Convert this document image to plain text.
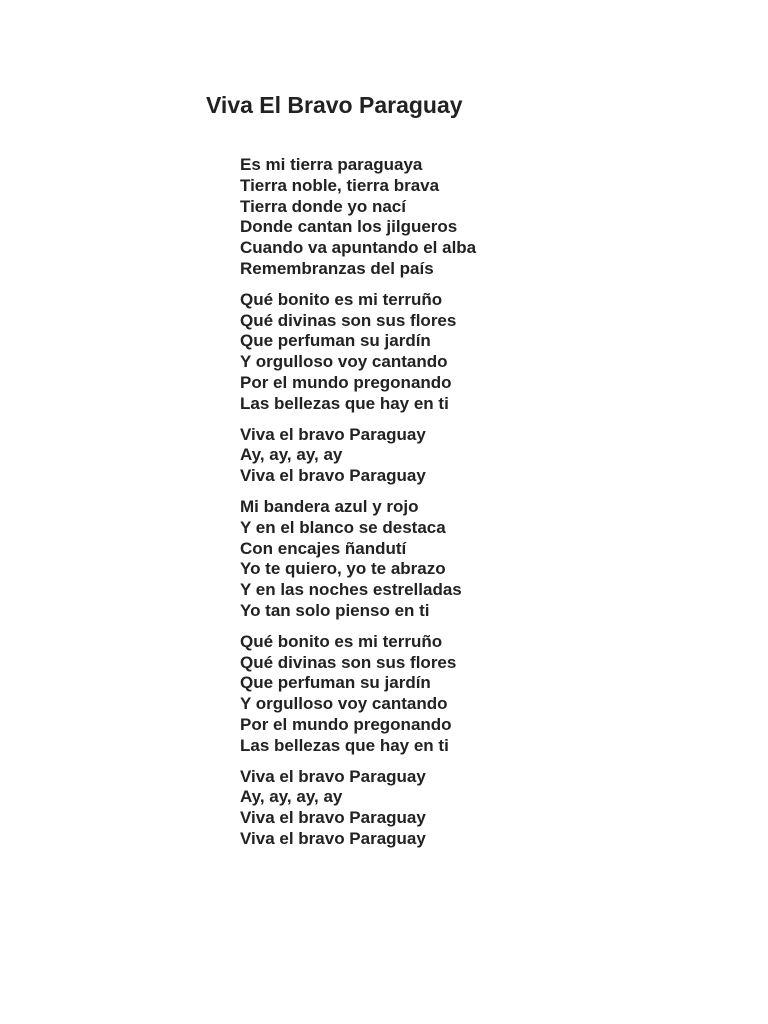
Viva El Bravo Paraguay
Es mi tierra paraguaya
Tierra noble, tierra brava
Tierra donde yo nací
Donde cantan los jilgueros
Cuando va apuntando el alba
Remembranzas del país
Qué bonito es mi terruño
Qué divinas son sus flores
Que perfuman su jardín
Y orgulloso voy cantando
Por el mundo pregonando
Las bellezas que hay en ti
Viva el bravo Paraguay
Ay, ay, ay, ay
Viva el bravo Paraguay
Mi bandera azul y rojo
Y en el blanco se destaca
Con encajes ñandutí
Yo te quiero, yo te abrazo
Y en las noches estrelladas
Yo tan solo pienso en ti
Qué bonito es mi terruño
Qué divinas son sus flores
Que perfuman su jardín
Y orgulloso voy cantando
Por el mundo pregonando
Las bellezas que hay en ti
Viva el bravo Paraguay
Ay, ay, ay, ay
Viva el bravo Paraguay
Viva el bravo Paraguay
